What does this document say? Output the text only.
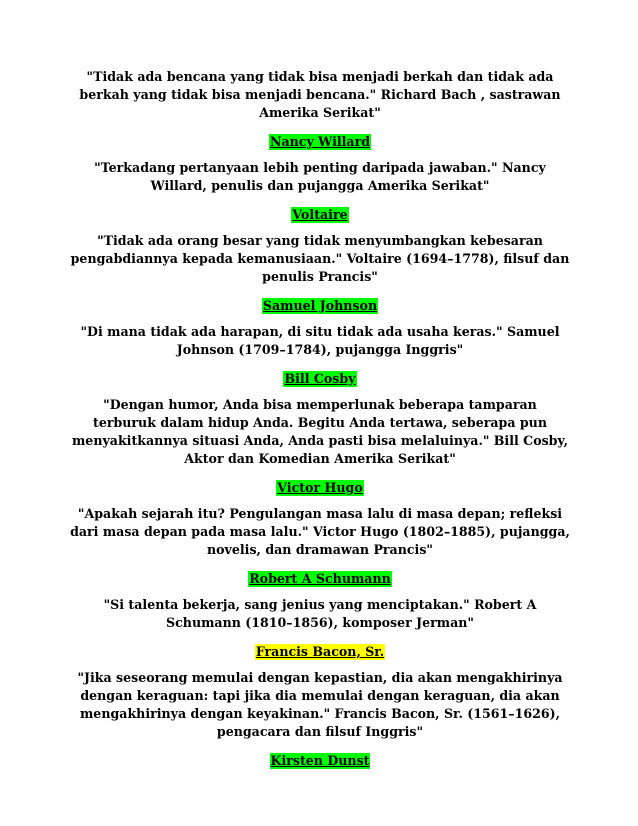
"Tidak ada bencana yang tidak bisa menjadi berkah dan tidak ada berkah yang tidak bisa menjadi bencana." Richard Bach , sastrawan Amerika Serikat"

Nancy Willard

"Terkadang pertanyaan lebih penting daripada jawaban." Nancy Willard, penulis dan pujangga Amerika Serikat"

Voltaire

"Tidak ada orang besar yang tidak menyumbangkan kebesaran pengabdiannya kepada kemanusiaan." Voltaire (1694–1778), filsuf dan penulis Prancis"

Samuel Johnson

"Di mana tidak ada harapan, di situ tidak ada usaha keras." Samuel Johnson (1709–1784), pujangga Inggris"

Bill Cosby

"Dengan humor, Anda bisa memperlunak beberapa tamparan terburuk dalam hidup Anda. Begitu Anda tertawa, seberapa pun menyakitkannya situasi Anda, Anda pasti bisa melaluinya." Bill Cosby, Aktor dan Komedian Amerika Serikat"

Victor Hugo

"Apakah sejarah itu? Pengulangan masa lalu di masa depan; refleksi dari masa depan pada masa lalu." Victor Hugo (1802–1885), pujangga, novelis, dan dramawan Prancis"

Robert A Schumann

"Si talenta bekerja, sang jenius yang menciptakan." Robert A Schumann (1810–1856), komposer Jerman"

Francis Bacon, Sr.

"Jika seseorang memulai dengan kepastian, dia akan mengakhirinya dengan keraguan: tapi jika dia memulai dengan keraguan, dia akan mengakhirinya dengan keyakinan." Francis Bacon, Sr. (1561–1626), pengacara dan filsuf Inggris"

Kirsten Dunst
